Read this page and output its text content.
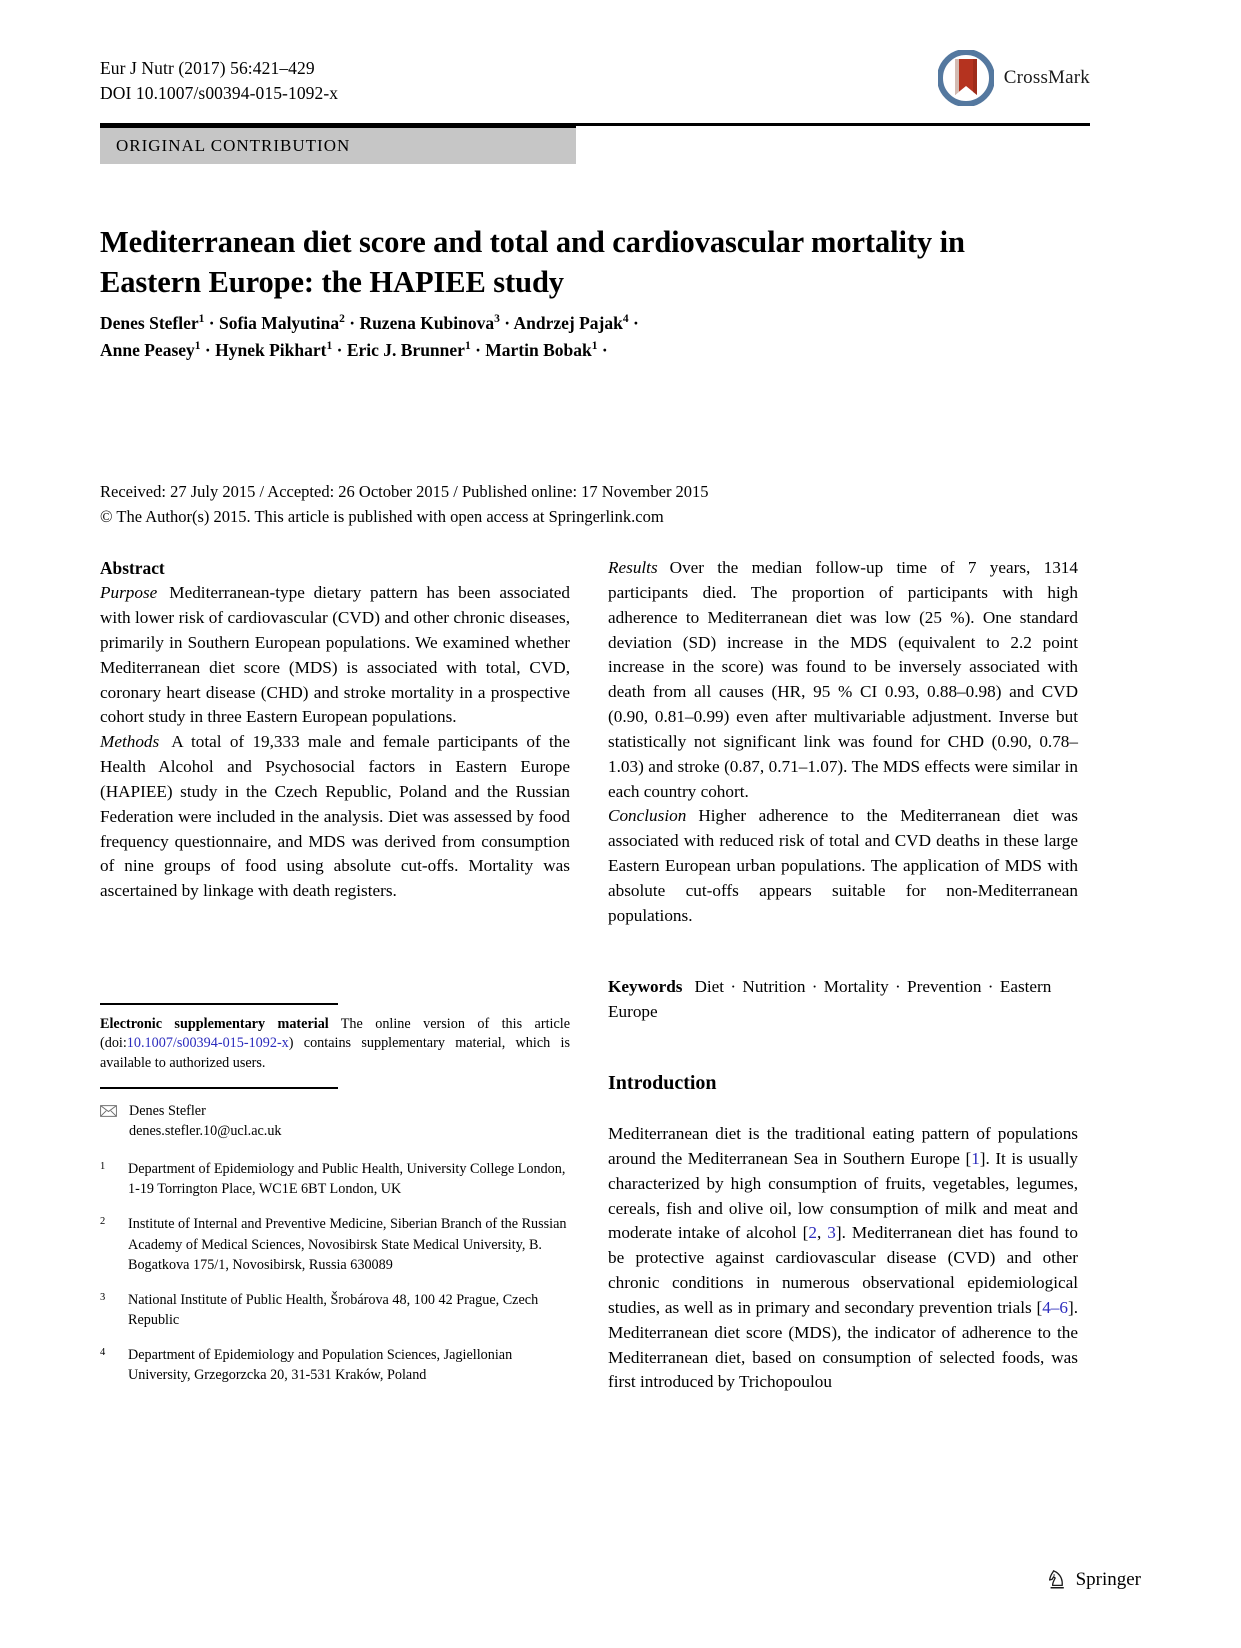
Eur J Nutr (2017) 56:421–429
DOI 10.1007/s00394-015-1092-x
CrossMark
ORIGINAL CONTRIBUTION
Mediterranean diet score and total and cardiovascular mortality in Eastern Europe: the HAPIEE study
Denes Stefler$^1$ · Sofia Malyutina$^2$ · Ruzena Kubinova$^3$ · Andrzej Pajak$^4$ ·
Anne Peasey$^1$ · Hynek Pikhart$^1$ · Eric J. Brunner$^1$ · Martin Bobak$^1$ ·
Received: 27 July 2015 / Accepted: 26 October 2015 / Published online: 17 November 2015
© The Author(s) 2015. This article is published with open access at Springerlink.com
Abstract

Purpose Mediterranean-type dietary pattern has been associated with lower risk of cardiovascular (CVD) and other chronic diseases, primarily in Southern European populations. We examined whether Mediterranean diet score (MDS) is associated with total, CVD, coronary heart disease (CHD) and stroke mortality in a prospective cohort study in three Eastern European populations.

Methods A total of 19,333 male and female participants of the Health Alcohol and Psychosocial factors in Eastern Europe (HAPIEE) study in the Czech Republic, Poland and the Russian Federation were included in the analysis. Diet was assessed by food frequency questionnaire, and MDS was derived from consumption of nine groups of food using absolute cut-offs. Mortality was ascertained by linkage with death registers.

Results Over the median follow-up time of 7 years, 1314 participants died. The proportion of participants with high adherence to Mediterranean diet was low (25 %). One standard deviation (SD) increase in the MDS (equivalent to 2.2 point increase in the score) was found to be inversely associated with death from all causes (HR, 95 % CI 0.93, 0.88–0.98) and CVD (0.90, 0.81–0.99) even after multivariable adjustment. Inverse but statistically not significant link was found for CHD (0.90, 0.78–1.03) and stroke (0.87, 0.71–1.07). The MDS effects were similar in each country cohort.

Conclusion Higher adherence to the Mediterranean diet was associated with reduced risk of total and CVD deaths in these large Eastern European urban populations. The application of MDS with absolute cut-offs appears suitable for non-Mediterranean populations.

Keywords Diet · Nutrition · Mortality · Prevention · Eastern Europe
Introduction
Mediterranean diet is the traditional eating pattern of populations around the Mediterranean Sea in Southern Europe [1]. It is usually characterized by high consumption of fruits, vegetables, legumes, cereals, fish and olive oil, low consumption of milk and meat and moderate intake of alcohol [2, 3]. Mediterranean diet has found to be protective against cardiovascular disease (CVD) and other chronic conditions in numerous observational epidemiological studies, as well as in primary and secondary prevention trials [4–6]. Mediterranean diet score (MDS), the indicator of adherence to the Mediterranean diet, based on consumption of selected foods, was first introduced by Trichopoulou
Electronic supplementary material The online version of this article (doi:10.1007/s00394-015-1092-x) contains supplementary material, which is available to authorized users.
Denes Stefler
denes.stefler.10@ucl.ac.uk
1	Department of Epidemiology and Public Health, University College London, 1-19 Torrington Place, WC1E 6BT London, UK
2	Institute of Internal and Preventive Medicine, Siberian Branch of the Russian Academy of Medical Sciences, Novosibirsk State Medical University, B. Bogatkova 175/1, Novosibirsk, Russia 630089
3	National Institute of Public Health, Šrobárova 48, 100 42 Prague, Czech Republic
4	Department of Epidemiology and Population Sciences, Jagiellonian University, Grzegorzcka 20, 31-531 Kraków, Poland
Springer
